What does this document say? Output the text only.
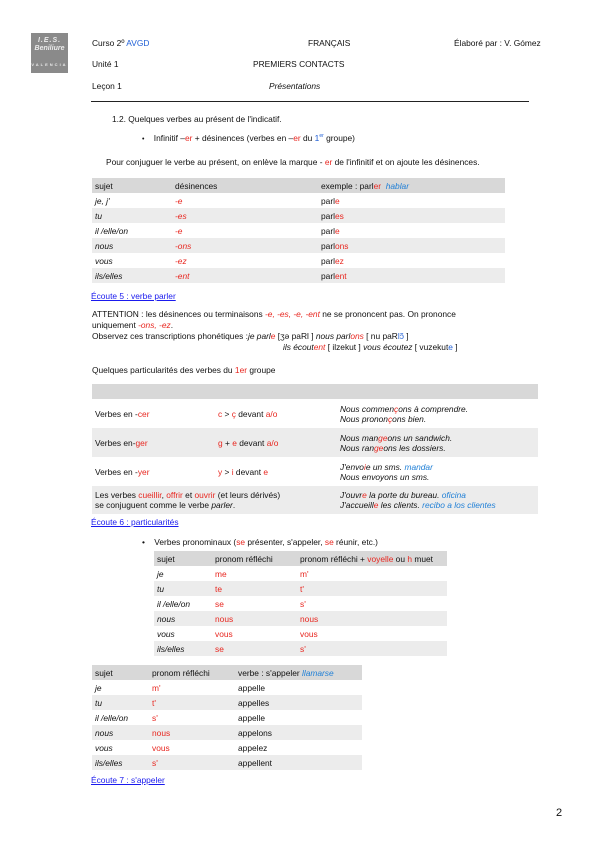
I.E.S.
Beniliure
VALENCIA
Curso 2º AVGD	FRANÇAIS	Élaboré par : V. Gómez
Unité 1	PREMIERS CONTACTS
Leçon 1	Présentations
1.2. Quelques verbes au présent de l'indicatif.
• Infinitif –er + désinences (verbes en –er du 1er groupe)
Pour conjuguer le verbe au présent, on enlève la marque - er de l'infinitif et on ajoute les désinences.
sujet	désinences	exemple : parler hablar
je, j'	-e	parle
tu	-es	parles
il /elle/on	-e	parle
nous	-ons	parlons
vous	-ez	parlez
ils/elles	-ent	parlent
Écoute 5 : verbe parler
ATTENTION : les désinences ou terminaisons -e, -es, -e, -ent ne se prononcent pas. On prononce
uniquement -ons, -ez.
Observez ces transcriptions phonétiques :je parle [ʒə paRl ] nous parlons [ nu paRlɔ̃ ]
ils écoutent [ ilzekut ] vous écoutez [ vuzekute ]
Quelques particularités des verbes du 1er groupe

Verbes en -cer	c > ç devant a/o	Nous commençons à comprendre.
Nous prononçons bien.
Verbes en-ger	g + e devant a/o	Nous mangeons un sandwich.
Nous rangeons les dossiers.
Verbes en -yer	y > i devant e	J'envoie un sms. mandar
Nous envoyons un sms.
Les verbes cueillir, offrir et ouvrir (et leurs dérivés)
se conjuguent comme le verbe parler.		J'ouvre la porte du bureau. oficina
J'accueille les clients. recibo a los clientes
Écoute 6 : particularités
• Verbes pronominaux (se présenter, s'appeler, se réunir, etc.)
sujet	pronom réfléchi	pronom réfléchi + voyelle ou h muet
je	me	m'
tu	te	t'
il /elle/on	se	s'
nous	nous	nous
vous	vous	vous
ils/elles	se	s'
sujet	pronom réfléchi	verbe : s'appeler llamarse
je	m'	appelle
tu	t'	appelles
il /elle/on	s'	appelle
nous	nous	appelons
vous	vous	appelez
ils/elles	s'	appellent
Écoute 7 : s'appeler
2
